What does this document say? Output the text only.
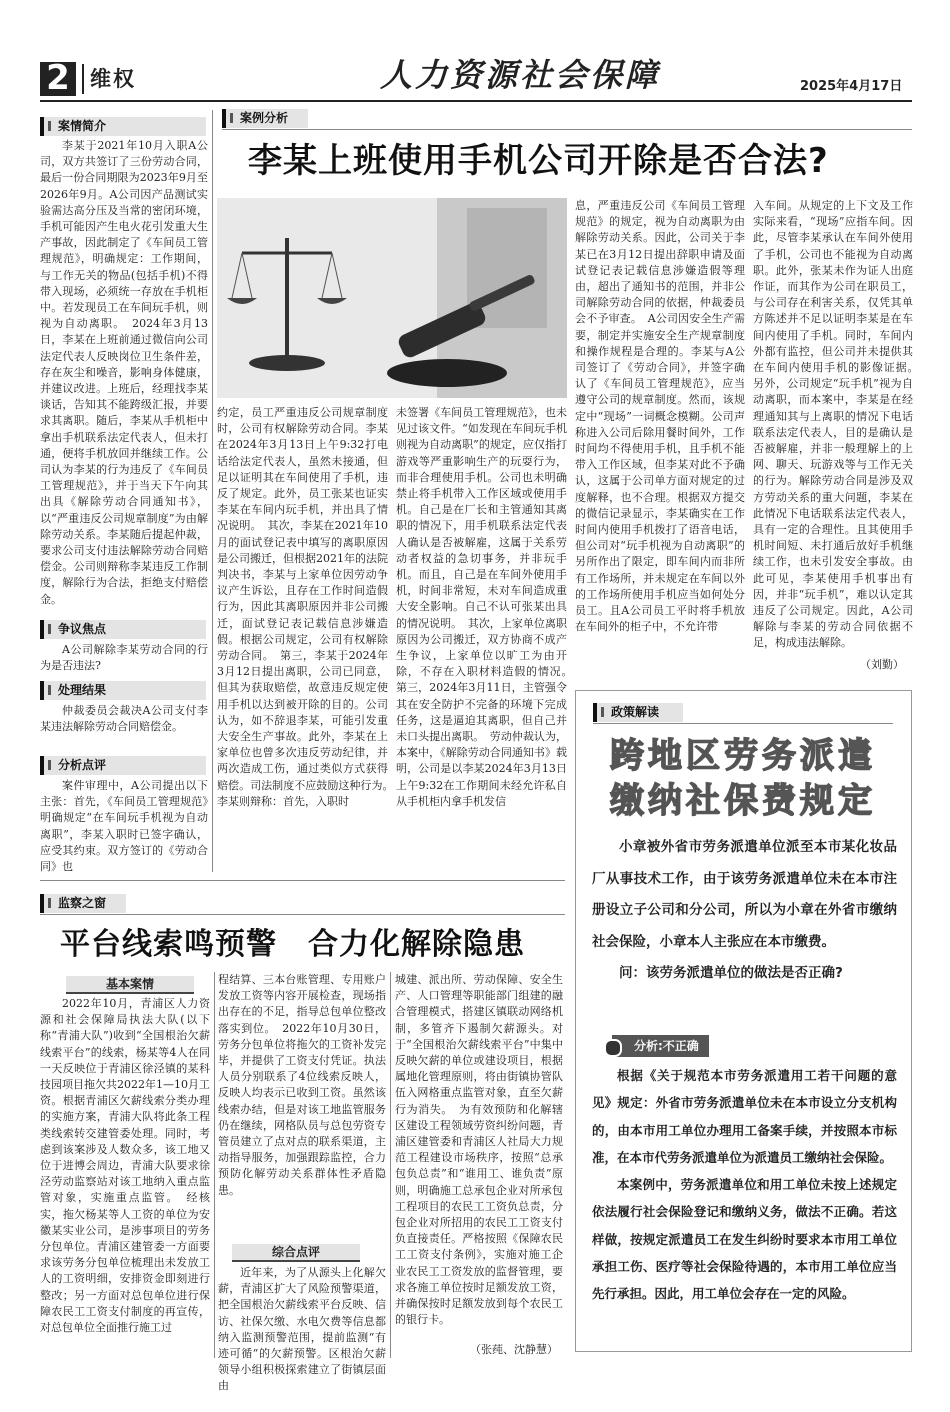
2 维权	人力资源社会保障	2025年4月17日
案情简介

李某于2021年10月入职A公司，双方共签订了三份劳动合同，最后一份合同期限为2023年9月至2026年9月。A公司因产品测试实验需达高分压及当常的密闭环境，手机可能因产生电火花引发重大生产事故，因此制定了《车间员工管理规范》，明确规定：工作期间，与工作无关的物品(包括手机)不得带入现场，必须统一存放在手机柜中。若发现员工在车间玩手机，则视为自动离职。　2024年3月13日，李某在上班前通过微信向公司法定代表人反映岗位卫生条件差，存在灰尘和噪音，影响身体健康，并建议改进。上班后，经理找李某谈话，告知其不能跨级汇报，并要求其离职。随后，李某从手机柜中拿出手机联系法定代表人，但未打通，便将手机放回并继续工作。公司认为李某的行为违反了《车间员工管理规范》，并于当天下午向其出具《解除劳动合同通知书》，以“严重违反公司规章制度”为由解除劳动关系。李某随后提起仲裁，要求公司支付违法解除劳动合同赔偿金。公司则辩称李某违反工作制度，解除行为合法，拒绝支付赔偿金。

争议焦点

A公司解除李某劳动合同的行为是否违法?

处理结果

仲裁委员会裁决A公司支付李某违法解除劳动合同赔偿金。

分析点评

案件审理中，A公司提出以下主张：首先，《车间员工管理规范》明确规定“在车间玩手机视为自动离职”，李某入职时已签字确认，应受其约束。双方签订的《劳动合同》也

案例分析
李某上班使用手机公司开除是否合法?

约定，员工严重违反公司规章制度时，公司有权解除劳动合同。李某在2024年3月13日上午9:32打电话给法定代表人，虽然未接通，但足以证明其在车间使用了手机，违反了规定。此外，员工张某也证实李某在车间内玩手机，并出具了情况说明。　其次，李某在2021年10月的面试登记表中填写的离职原因是公司搬迁，但根据2021年的法院判决书，李某与上家单位因劳动争议产生诉讼，且存在工作时间造假行为，因此其离职原因并非公司搬迁，面试登记表记载信息涉嫌造假。根据公司规定，公司有权解除劳动合同。　第三，李某于2024年3月12日提出离职，公司已同意，但其为获取赔偿，故意违反规定使用手机以达到被开除的目的。公司认为，如不辞退李某，可能引发重大安全生产事故。此外，李某在上家单位也曾多次违反劳动纪律，并两次造成工伤，通过类似方式获得赔偿。司法制度不应鼓励这种行为。　李某则辩称：首先，入职时

未签署《车间员工管理规范》，也未见过该文件。“如发现在车间玩手机则视为自动离职”的规定，应仅指打游戏等严重影响生产的玩耍行为，而非合理使用手机。公司也未明确禁止将手机带入工作区域或使用手机。自己是在厂长和主管通知其离职的情况下，用手机联系法定代表人确认是否被解雇，这属于关系劳动者权益的急切事务，并非玩手机。而且，自己是在车间外使用手机，时间非常短，未对车间造成重大安全影响。自己不认可张某出具的情况说明。　其次，上家单位离职原因为公司搬迁，双方协商不成产生争议，上家单位以旷工为由开除，不存在入职材料造假的情况。　第三，2024年3月11日，主管强令其在安全防护不完备的环境下完成任务，这是逼迫其离职，但自己并未口头提出离职。　劳动仲裁认为，本案中，《解除劳动合同通知书》载明，公司是以李某2024年3月13日上午9:32在工作期间未经允许私自从手机柜内拿手机发信

息，严重违反公司《车间员工管理规范》的规定，视为自动离职为由解除劳动关系。因此，公司关于李某已在3月12日提出辞职申请及面试登记表记载信息涉嫌造假等理由，超出了通知书的范围，并非公司解除劳动合同的依据，仲裁委员会不予审查。　A公司因安全生产需要，制定并实施安全生产规章制度和操作规程是合理的。李某与A公司签订了《劳动合同》，并签字确认了《车间员工管理规范》，应当遵守公司的规章制度。然而，该规定中“现场”一词概念模糊。公司声称进入公司后除用餐时间外，工作时间均不得使用手机，且手机不能带入工作区域，但李某对此不予确认，这属于公司单方面对规定的过度解释，也不合理。根据双方提交的微信记录显示，李某确实在工作时间内使用手机拨打了语音电话，但公司对“玩手机视为自动离职”的另所作出了限定，即车间内而非所有工作场所，并未规定在车间以外的工作场所使用手机应当如何处分员工。且A公司员工平时将手机放在车间外的柜子中，不允许带

入车间。从规定的上下文及工作实际来看，“现场”应指车间。因此，尽管李某承认在车间外使用了手机，公司也不能视为自动离职。此外，张某未作为证人出庭作证，而其作为公司在职员工，与公司存在利害关系，仅凭其单方陈述并不足以证明李某是在车间内使用了手机。同时，车间内外都有监控，但公司并未提供其在车间内使用手机的影像证据。　另外，公司规定“玩手机”视为自动离职，而本案中，李某是在经理通知其与上离职的情况下电话联系法定代表人，目的是确认是否被解雇，并非一般理解上的上网、聊天、玩游戏等与工作无关的行为。解除劳动合同是涉及双方劳动关系的重大问题，李某在此情况下电话联系法定代表人，具有一定的合理性。且其使用手机时间短、未打通后放好手机继续工作，也未引发安全事故。由此可见，李某使用手机事出有因，并非“玩手机”，难以认定其违反了公司规定。因此，A公司解除与李某的劳动合同依据不足，构成违法解除。

（刘勤）
政策解读
跨地区劳务派遣
缴纳社保费规定

小章被外省市劳务派遣单位派至本市某化妆品厂从事技术工作，由于该劳务派遣单位未在本市注册设立子公司和分公司，所以为小章在外省市缴纳社会保险，小章本人主张应在本市缴费。

问：该劳务派遣单位的做法是否正确?

分析:不正确

根据《关于规范本市劳务派遣用工若干问题的意见》规定：外省市劳务派遣单位未在本市设立分支机构的，由本市用工单位办理用工备案手续，并按照本市标准，在本市代劳务派遣单位为派遣员工缴纳社会保险。

本案例中，劳务派遣单位和用工单位未按上述规定依法履行社会保险登记和缴纳义务，做法不正确。若这样做，按规定派遣员工在发生纠纷时要求本市用工单位承担工伤、医疗等社会保险待遇的，本市用工单位应当先行承担。因此，用工单位会存在一定的风险。

监察之窗
平台线索鸣预警　合力化解除隐患
基本案情

2022年10月，青浦区人力资源和社会保障局执法大队(以下称“青浦大队”)收到“全国根治欠薪线索平台”的线索，杨某等4人在同一天反映位于青浦区徐泾镇的某科技园项目拖欠共2022年1—10月工资。根据青浦区欠薪线索分类办理的实施方案，青浦大队将此条工程类线索转交建管委处理。同时，考虑到该案涉及人数众多，该工地又位于进博会周边，青浦大队要求徐泾劳动监察站对该工地纳入重点监管对象，实施重点监管。　经核实，拖欠杨某等人工资的单位为安徽某实业公司，是涉事项目的劳务分包单位。青浦区建管委一方面要求该劳务分包单位梳理出未发放工人的工资明细，安排资金即刻进行整改；另一方面对总包单位进行保障农民工工资支付制度的再宣传，对总包单位全面推行施工过

程结算、三本台账管理、专用账户发放工资等内容开展检查，现场指出存在的不足，指导总包单位整改落实到位。　2022年10月30日，劳务分包单位将拖欠的工资补发完毕，并提供了工资支付凭证。执法人员分别联系了4位线索反映人，反映人均表示已收到工资。虽然该线索办结，但是对该工地监管服务仍在继续，网格队员与总包劳资专管员建立了点对点的联系渠道，主动指导服务，加强跟踪监控，合力预防化解劳动关系群体性矛盾隐患。

综合点评

近年来，为了从源头上化解欠薪，青浦区扩大了风险预警渠道，把全国根治欠薪线索平台反映、信访、社保欠缴、水电欠费等信息都纳入监测预警范围，提前监测“有迹可循”的欠薪预警。区根治欠薪领导小组积极探索建立了街镇层面由

城建、派出所、劳动保障、安全生产、人口管理等职能部门组建的融合管理模式，搭建区镇联动网络机制，多管齐下遏制欠薪源头。对于“全国根治欠薪线索平台”中集中反映欠薪的单位或建设项目，根据属地化管理原则，将由街镇协管队伍入网格重点监管对象，直至欠薪行为消失。　为有效预防和化解辖区建设工程领域劳资纠纷问题，青浦区建管委和青浦区人社局大力规范工程建设市场秩序，按照“总承包负总责”和“谁用工、谁负责”原则，明确施工总承包企业对所承包工程项目的农民工工资负总责，分包企业对所招用的农民工工资支付负直接责任。严格按照《保障农民工工资支付条例》，实施对施工企业农民工工资发放的监督管理，要求各施工单位按时足额发放工资，并确保按时足额发放到每个农民工的银行卡。

（张莼、沈静慧）
